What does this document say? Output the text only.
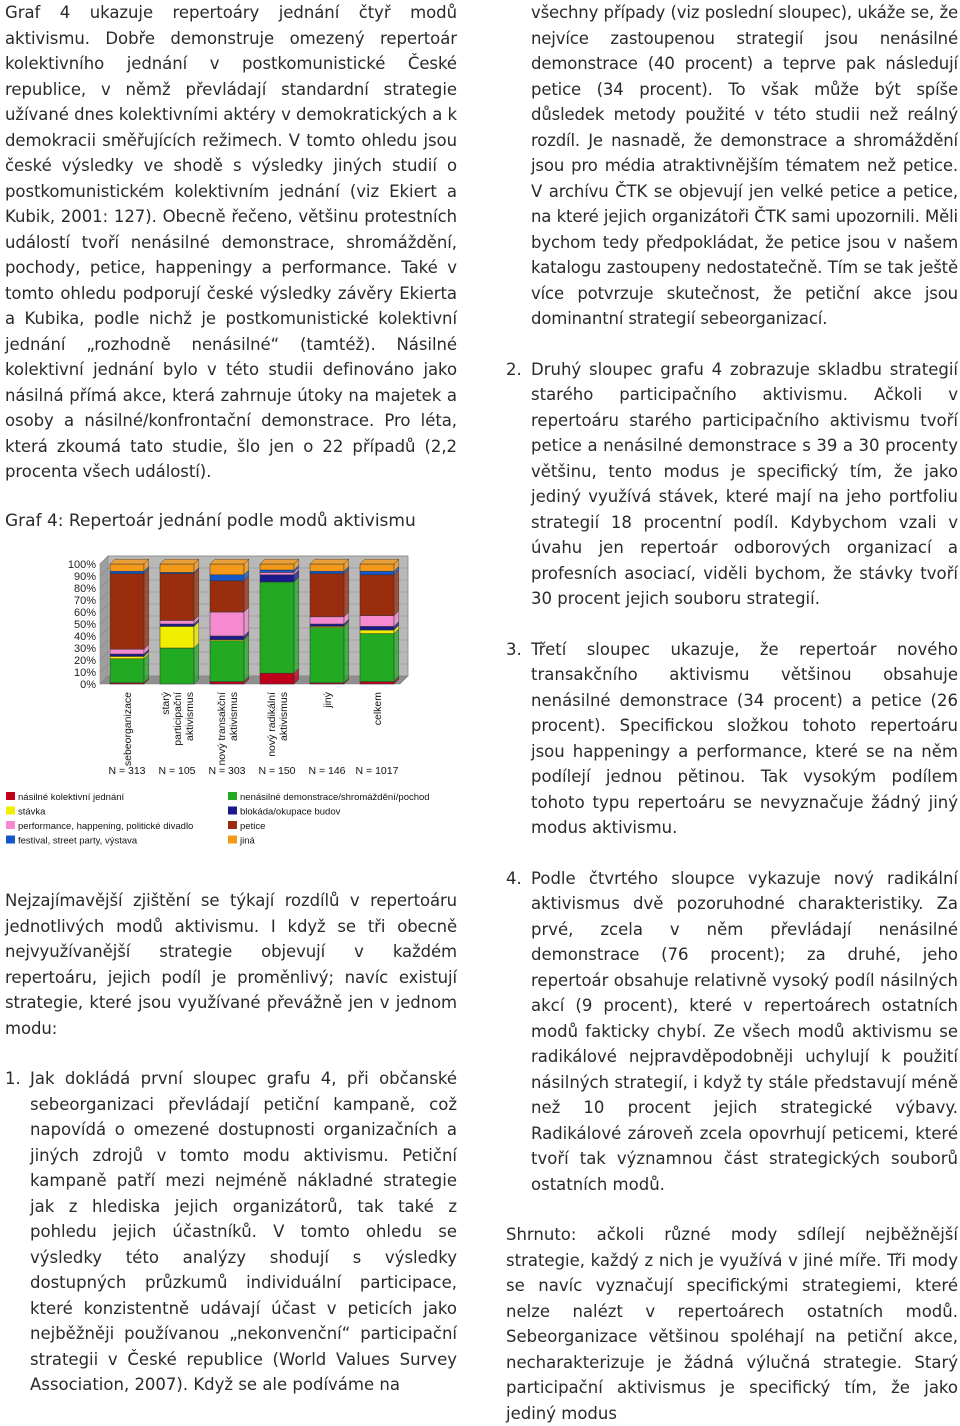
Graf 4 ukazuje repertoáry jednání čtyř modů aktivismu. Dobře demonstruje omezený repertoár kolektivního jednání v postkomunistické České republice, v němž převládají standardní strategie užívané dnes kolektivními aktéry v demokratických a k demokracii směřujících režimech. V tomto ohledu jsou české výsledky ve shodě s výsledky jiných studií o postkomunistickém kolektivním jednání (viz Ekiert a Kubik, 2001: 127). Obecně řečeno, většinu protestních událostí tvoří nenásilné demonstrace, shromáždění, pochody, petice, happeningy a performance. Také v tomto ohledu podporují české výsledky závěry Ekierta a Kubika, podle nichž je postkomunistické kolektivní jednání „rozhodně nenásilné“ (tamtéž). Násilné kolektivní jednání bylo v této studii definováno jako násilná přímá akce, která zahrnuje útoky na majetek a osoby a násilné/konfrontační demonstrace. Pro léta, která zkoumá tato studie, šlo jen o 22 případů (2,2 procenta všech událostí).

Graf 4: Repertoár jednání podle modů aktivismu

100%
90%
80%
70%
60%
50%
40%
30%
20%
10%
0%
sebeorganizace
N = 313
starýparticipačníaktivismus
N = 105
nový transakčníaktivismus
N = 303
nový radikálníaktivismus
N = 150
jiný
N = 146
celkem
N = 1017
násilné kolektivní jednání	nenásilné demonstrace/shromáždění/pochod
stávka	blokáda/okupace budov
performance, happening, politické divadlo	petice
festival, street party, výstava	jiná

Nejzajímavější zjištění se týkají rozdílů v repertoáru jednotlivých modů aktivismu. I když se tři obecně nejvyužívanější strategie objevují v každém repertoáru, jejich podíl je proměnlivý; navíc existují strategie, které jsou využívané převážně jen v jednom modu:

1. Jak dokládá první sloupec grafu 4, při občanské sebeorganizaci převládají petiční kampaně, což napovídá o omezené dostupnosti organizačních a jiných zdrojů v tomto modu aktivismu. Petiční kampaně patří mezi nejméně nákladné strategie jak z hlediska jejich organizátorů, tak také z pohledu jejich účastníků. V tomto ohledu se výsledky této analýzy shodují s výsledky dostupných průzkumů individuální participace, které konzistentně udávají účast v peticích jako nejběžněji používanou „nekonvenční“ participační strategii v České republice (World Values Survey Association, 2007). Když se ale podíváme na

všechny případy (viz poslední sloupec), ukáže se, že nejvíce zastoupenou strategií jsou nenásilné demonstrace (40 procent) a teprve pak následují petice (34 procent). To však může být spíše důsledek metody použité v této studii než reálný rozdíl. Je nasnadě, že demonstrace a shromáždění jsou pro média atraktivnějším tématem než petice. V archívu ČTK se objevují jen velké petice a petice, na které jejich organizátoři ČTK sami upozornili. Měli bychom tedy předpokládat, že petice jsou v našem katalogu zastoupeny nedostatečně. Tím se tak ještě více potvrzuje skutečnost, že petiční akce jsou dominantní strategií sebeorganizací.

2. Druhý sloupec grafu 4 zobrazuje skladbu strategií starého participačního aktivismu. Ačkoli v repertoáru starého participačního aktivismu tvoří petice a nenásilné demonstrace s 39 a 30 procenty většinu, tento modus je specifický tím, že jako jediný využívá stávek, které mají na jeho portfoliu strategií 18 procentní podíl. Kdybychom vzali v úvahu jen repertoár odborových organizací a profesních asociací, viděli bychom, že stávky tvoří 30 procent jejich souboru strategií.
3. Třetí sloupec ukazuje, že repertoár nového transakčního aktivismu většinou obsahuje nenásilné demonstrace (34 procent) a petice (26 procent). Specifickou složkou tohoto repertoáru jsou happeningy a performance, které se na něm podílejí jednou pětinou. Tak vysokým podílem tohoto typu repertoáru se nevyznačuje žádný jiný modus aktivismu.
4. Podle čtvrtého sloupce vykazuje nový radikální aktivismus dvě pozoruhodné charakteristiky. Za prvé, zcela v něm převládají nenásilné demonstrace (76 procent); za druhé, jeho repertoár obsahuje relativně vysoký podíl násilných akcí (9 procent), které v repertoárech ostatních modů fakticky chybí. Ze všech modů aktivismu se radikálové nejpravděpodobněji uchylují k použití násilných strategií, i když ty stále představují méně než 10 procent jejich strategické výbavy. Radikálové zároveň zcela opovrhují peticemi, které tvoří tak významnou část strategických souborů ostatních modů.

Shrnuto: ačkoli různé mody sdílejí nejběžnější strategie, každý z nich je využívá v jiné míře. Tři mody se navíc vyznačují specifickými strategiemi, které nelze nalézt v repertoárech ostatních modů. Sebeorganizace většinou spoléhají na petiční akce, necharakterizuje je žádná výlučná strategie. Starý participační aktivismus je specifický tím, že jako jediný modus
